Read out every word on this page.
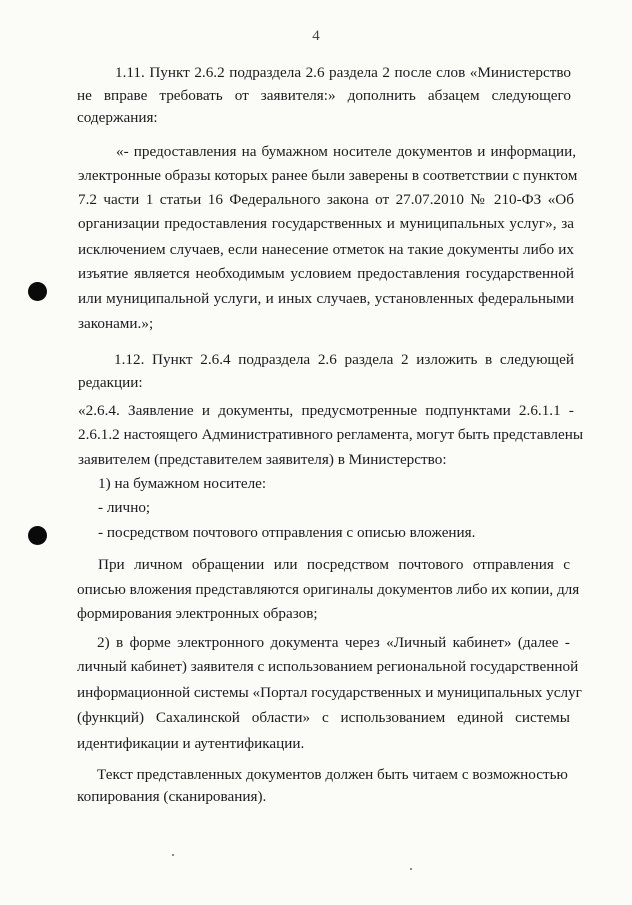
4
1.11. Пункт 2.6.2 подраздела 2.6 раздела 2 после слов «Министерство
не вправе требовать от заявителя:» дополнить абзацем следующего
содержания:
«- предоставления на бумажном носителе документов и информации,
электронные образы которых ранее были заверены в соответствии с пунктом
7.2 части 1 статьи 16 Федерального закона от 27.07.2010 № 210-ФЗ «Об
организации предоставления государственных и муниципальных услуг», за
исключением случаев, если нанесение отметок на такие документы либо их
изъятие является необходимым условием предоставления государственной
или муниципальной услуги, и иных случаев, установленных федеральными
законами.»;
1.12. Пункт 2.6.4 подраздела 2.6 раздела 2 изложить в следующей
редакции:
«2.6.4. Заявление и документы, предусмотренные подпунктами 2.6.1.1 -
2.6.1.2 настоящего Административного регламента, могут быть представлены
заявителем (представителем заявителя) в Министерство:
1) на бумажном носителе:
- лично;
- посредством почтового отправления с описью вложения.
При личном обращении или посредством почтового отправления с
описью вложения представляются оригиналы документов либо их копии, для
формирования электронных образов;
2) в форме электронного документа через «Личный кабинет» (далее -
личный кабинет) заявителя с использованием региональной государственной
информационной системы «Портал государственных и муниципальных услуг
(функций) Сахалинской области» с использованием единой системы
идентификации и аутентификации.
Текст представленных документов должен быть читаем с возможностью
копирования (сканирования).
